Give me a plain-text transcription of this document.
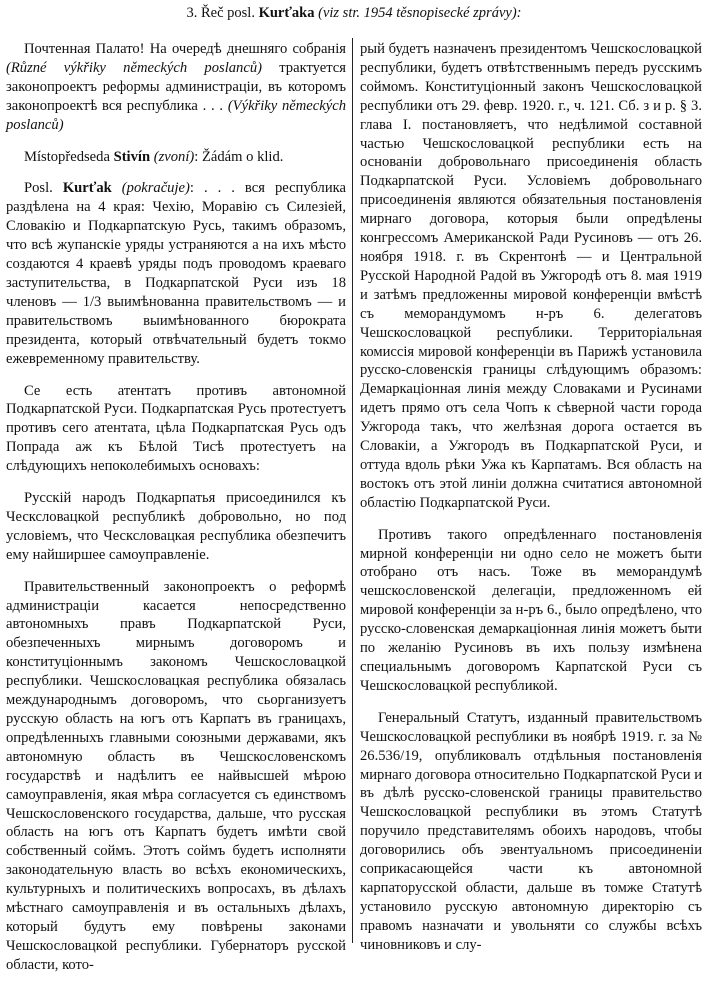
3. Řeč posl. Kurťaka (viz str. 1954 těsnopisecké zprávy):

Почтенная Палато! На очередѣ днешняго собранія (Různé výkřiky německých poslanců) трактуется законопроектъ реформы администраціи, въ которомъ законопроектѣ вся республика . . . (Výkřiky německých poslanců)

Místopředseda Stivín (zvoní): Žádám o klid.

Posl. Kurťak (pokračuje): . . . вся республика раздѣлена на 4 края: Чехію, Моравію съ Силезіей, Словакію и Подкарпатскую Русь, такимъ образомъ, что всѣ жупанскіе уряды устраняются а на ихъ мѣсто создаются 4 краевѣ уряды подъ проводомъ краеваго заступительства, в Подкарпатской Руси изъ 18 членовъ — 1/3 выимѣнованна правительствомъ — и правительствомъ выимѣнованного бюрократа президента, который отвѣчательный будетъ токмо ежевременному правительству.

Се есть атентатъ противъ автономной Подкарпатской Руси. Подкарпатская Русь протестуетъ противъ сего атентата, цѣла Подкарпатская Русь одъ Попрада аж къ Бѣлой Тисѣ протестуетъ на слѣдующихъ непоколебимыхъ основахъ:

Русскій народъ Подкарпатья присоединился къ Ческсловацкой республикѣ добровольно, но под условіемъ, что Ческсловацкая республика обезпечитъ ему найширшее самоуправленіе.

Правительственный законопроектъ о реформѣ администраціи касается непосредственно автономныхъ правъ Подкарпатской Руси, обезпеченныхъ мирнымъ договоромъ и конституціоннымъ закономъ Чешскословацкой республики. Чешскословацкая республика обязалась международнымъ договоромъ, что сьорганизуетъ русскую область на югъ отъ Карпатъ въ границахъ, опредѣленныхъ главными союзными державами, якъ автономную область въ Чешскословенскомъ государствѣ и надѣлитъ ее найвысшей мѣрою самоуправленія, якая мѣра согласуется съ единствомъ Чешскословенского государства, дальше, что русская область на югъ отъ Карпатъ будетъ имѣти свой собственный соймъ. Этотъ соймъ будетъ исполняти законодательную власть во всѣхъ економическихъ, культурныхъ и политическихъ вопросахъ, въ дѣлахъ мѣстнаго самоуправленія и въ остальныхъ дѣлахъ, который будутъ ему повѣрены законами Чешскословацкой республики. Губернаторъ русской области, кото-

рый будетъ назначенъ президентомъ Чешскословацкой республики, будетъ отвѣтственнымъ передъ русскимъ соймомъ. Конституціонный законъ Чешскословацкой республики отъ 29. февр. 1920. г., ч. 121. Сб. з и р. § 3. глава I. постановляетъ, что недѣлимой составной частью Чешскословацкой республики есть на основаніи добровольнаго присоединенія область Подкарпатской Руси. Условіемъ добровольнаго присоединенія являются обязательныя постановленія мирнаго договора, которыя были опредѣлены конгрессомъ Американской Ради Русиновъ — отъ 26. ноября 1918. г. въ Скрентонѣ — и Центральной Русской Народной Радой въ Ужгородѣ отъ 8. мая 1919 и затѣмъ предложенны мировой конференціи вмѣстѣ съ меморандумомъ н-ръ 6. делегатовъ Чешскословацкой республики. Территоріальная комиссія мировой конференціи въ Парижѣ установила русско-словенскія границы слѣдующимъ образомъ: Демаркаціонная линія между Словаками и Русинами идетъ прямо отъ села Чопъ к сѣверной части города Ужгорода такъ, что желѣзная дорога остается въ Словакіи, а Ужгородъ въ Подкарпатской Руси, и оттуда вдоль рѣки Ужа къ Карпатамъ. Вся область на востокъ отъ этой линіи должна считатися автономной областію Подкарпатской Руси.

Противъ такого опредѣленнаго постановленія мирной конференціи ни одно село не можетъ быти отобрано отъ насъ. Тоже въ меморандумѣ чешскословенской делегаціи, предложенномъ ей мировой конференціи за н-ръ 6., было опредѣлено, что русско-словенская демаркаціонная линія можетъ быти по желанію Русиновъ въ ихъ пользу измѣнена специальнымъ договоромъ Карпатской Руси съ Чешскословацкой республикой.

Генеральный Статутъ, изданный правительствомъ Чешскословацкой республики въ ноябрѣ 1919. г. за № 26.536/19, опубликовалъ отдѣльныя постановленія мирнаго договора относительно Подкарпатской Руси и въ дѣлѣ русско-словенской границы правительство Чешскословацкой республики въ этомъ Статутѣ поручило представителямъ обоихъ народовъ, чтобы договорились объ эвентуальномъ присоединеніи соприкасающейся части къ автономной карпаторусской области, дальше въ томже Статутѣ установило русскую автономную директорію съ правомъ назначати и увольняти со службы всѣхъ чиновниковъ и слу-
